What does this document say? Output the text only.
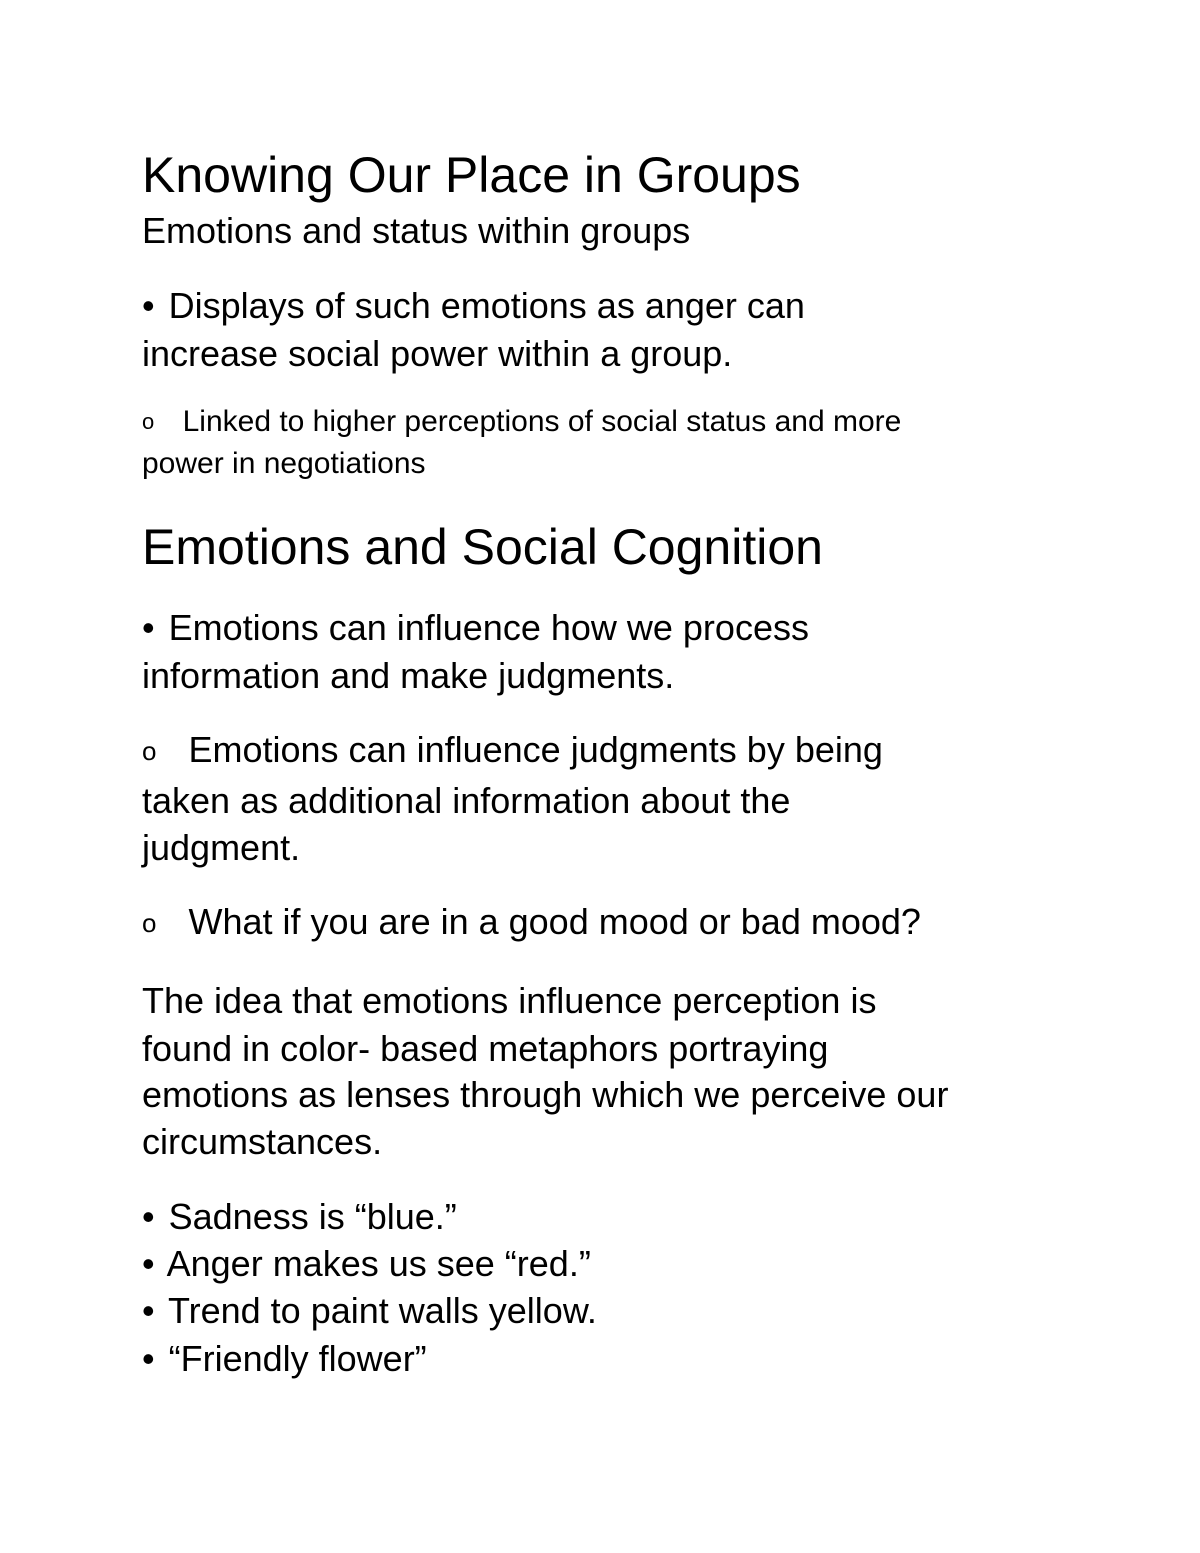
Knowing Our Place in Groups
Emotions and status within groups
• Displays of such emotions as anger can
increase social power within a group.
o Linked to higher perceptions of social status and more
power in negotiations
Emotions and Social Cognition
• Emotions can influence how we process
information and make judgments.
o Emotions can influence judgments by being
taken as additional information about the
judgment.
o What if you are in a good mood or bad mood?
The idea that emotions influence perception is
found in color- based metaphors portraying
emotions as lenses through which we perceive our
circumstances.
• Sadness is “blue.”
• Anger makes us see “red.”
• Trend to paint walls yellow.
• “Friendly flower”
